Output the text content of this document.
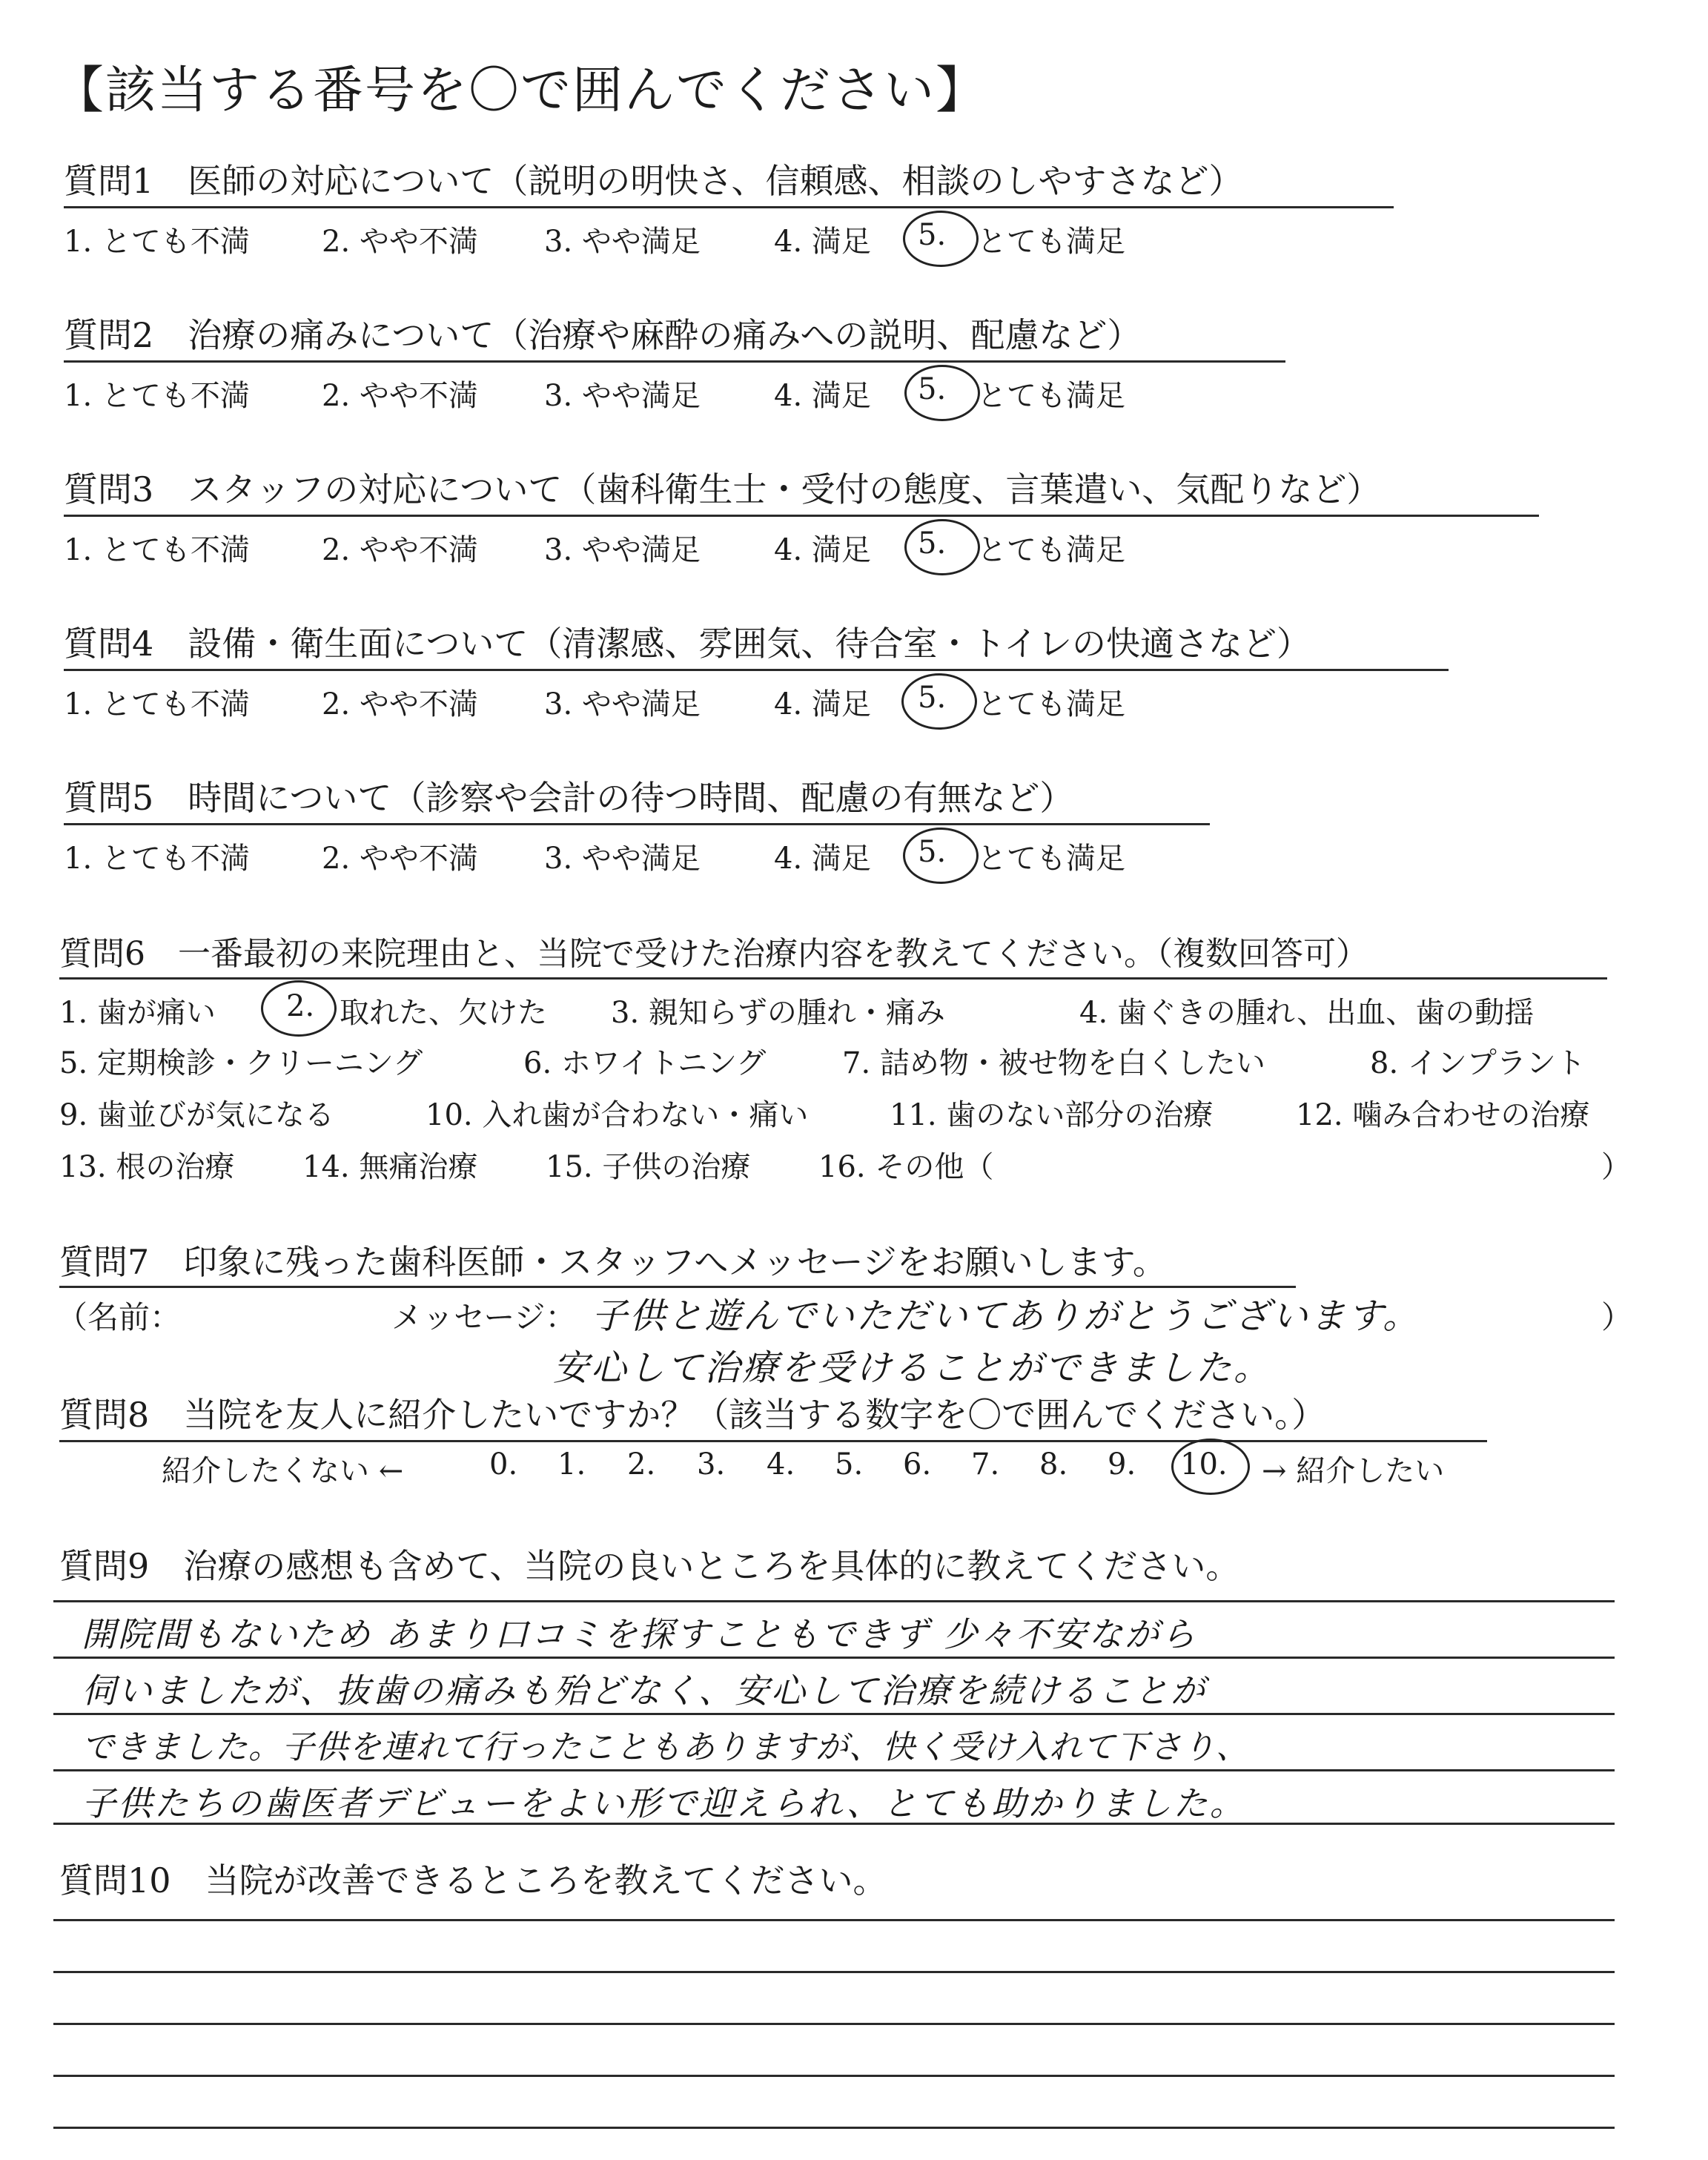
【該当する番号を〇で囲んでください】
質問1　医師の対応について（説明の明快さ、信頼感、相談のしやすさなど）
1. とても不満 2. やや不満 3. やや満足 4. 満足 5. とても満足
質問2　治療の痛みについて（治療や麻酔の痛みへの説明、配慮など）
1. とても不満 2. やや不満 3. やや満足 4. 満足 5. とても満足
質問3　スタッフの対応について（歯科衛生士・受付の態度、言葉遣い、気配りなど）
1. とても不満 2. やや不満 3. やや満足 4. 満足 5. とても満足
質問4　設備・衛生面について（清潔感、雰囲気、待合室・トイレの快適さなど）
1. とても不満 2. やや不満 3. やや満足 4. 満足 5. とても満足
質問5　時間について（診察や会計の待つ時間、配慮の有無など）
1. とても不満 2. やや不満 3. やや満足 4. 満足 5. とても満足
質問6　一番最初の来院理由と、当院で受けた治療内容を教えてください。（複数回答可）
1. 歯が痛い 2. 取れた、欠けた 3. 親知らずの腫れ・痛み	4. 歯ぐきの腫れ、出血、歯の動揺
5. 定期検診・クリーニング	6. ホワイトニング	7. 詰め物・被せ物を白くしたい	8. インプラント
9. 歯並びが気になる	10. 入れ歯が合わない・痛い	11. 歯のない部分の治療	12. 噛み合わせの治療
13. 根の治療 14. 無痛治療 15. 子供の治療 16. その他（	）
質問7　印象に残った歯科医師・スタッフへメッセージをお願いします。
（名前：	メッセージ：	）
子供と遊んでいただいてありがとうございます。
安心して治療を受けることができました。
質問8　当院を友人に紹介したいですか？（該当する数字を〇で囲んでください。）
紹介したくない ←	0. 1. 2. 3. 4. 5. 6. 7. 8. 9. 10. → 紹介したい
質問9　治療の感想も含めて、当院の良いところを具体的に教えてください。
開院間もないため あまり口コミを探すこともできず 少々不安ながら
伺いましたが、抜歯の痛みも殆どなく、安心して治療を続けることが
できました。子供を連れて行ったこともありますが、快く受け入れて下さり、
子供たちの歯医者デビューをよい形で迎えられ、とても助かりました。
質問10　当院が改善できるところを教えてください。
